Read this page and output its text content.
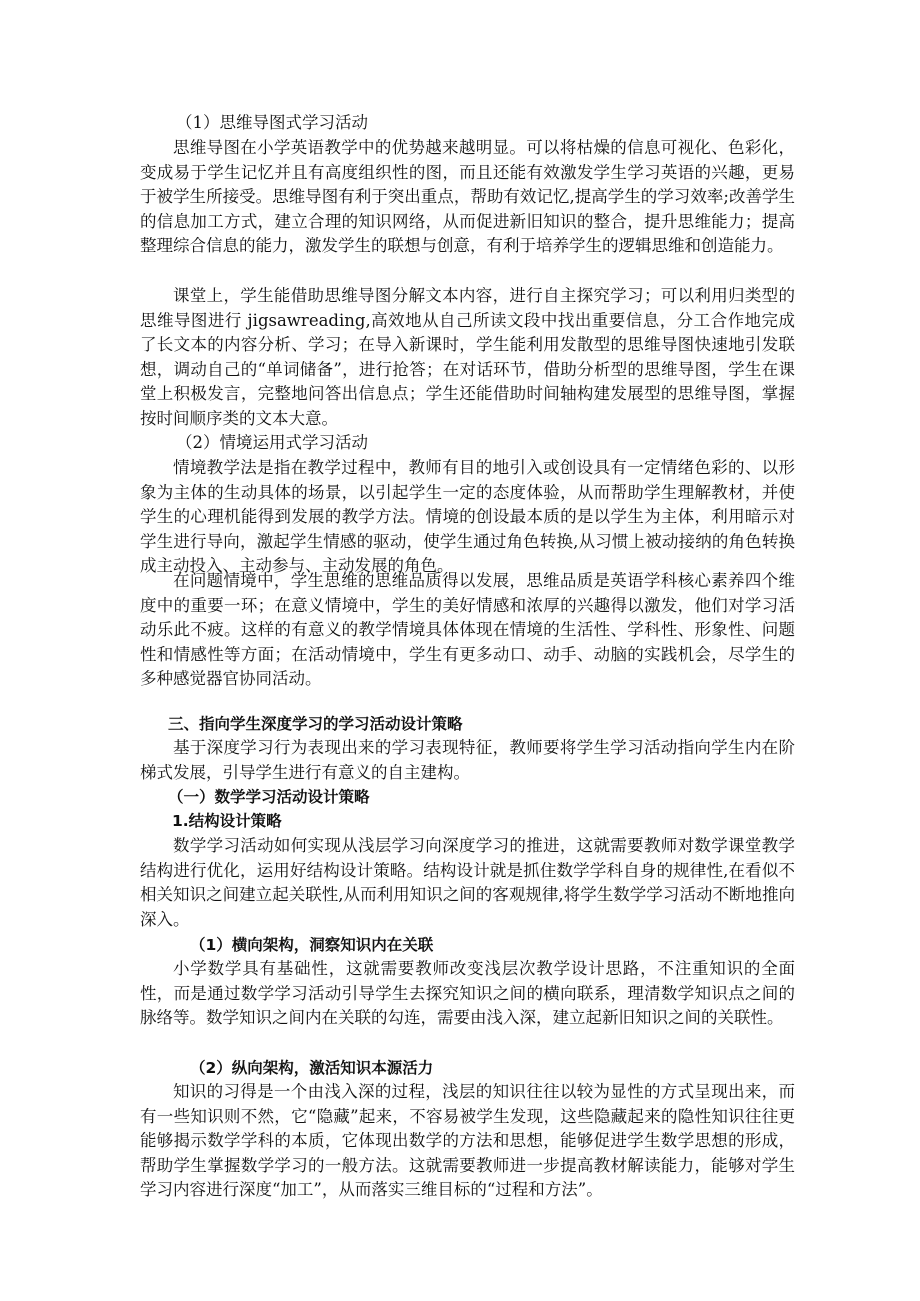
（1）思维导图式学习活动

思维导图在小学英语教学中的优势越来越明显。可以将枯燥的信息可视化、色彩化，变成易于学生记忆并且有高度组织性的图，而且还能有效激发学生学习英语的兴趣，更易于被学生所接受。思维导图有利于突出重点，帮助有效记忆,提高学生的学习效率;改善学生的信息加工方式，建立合理的知识网络，从而促进新旧知识的整合，提升思维能力；提高整理综合信息的能力，激发学生的联想与创意，有利于培养学生的逻辑思维和创造能力。

课堂上，学生能借助思维导图分解文本内容，进行自主探究学习；可以利用归类型的思维导图进行 jigsawreading,高效地从自己所读文段中找出重要信息，分工合作地完成了长文本的内容分析、学习；在导入新课时，学生能利用发散型的思维导图快速地引发联想，调动自己的“单词储备”，进行抢答；在对话环节，借助分析型的思维导图，学生在课堂上积极发言，完整地问答出信息点；学生还能借助时间轴构建发展型的思维导图，掌握按时间顺序类的文本大意。

（2）情境运用式学习活动

情境教学法是指在教学过程中，教师有目的地引入或创设具有一定情绪色彩的、以形象为主体的生动具体的场景，以引起学生一定的态度体验，从而帮助学生理解教材，并使学生的心理机能得到发展的教学方法。情境的创设最本质的是以学生为主体，利用暗示对学生进行导向，激起学生情感的驱动，使学生通过角色转换,从习惯上被动接纳的角色转换成主动投入、主动参与、主动发展的角色。

在问题情境中，学生思维的思维品质得以发展，思维品质是英语学科核心素养四个维度中的重要一环；在意义情境中，学生的美好情感和浓厚的兴趣得以激发，他们对学习活动乐此不疲。这样的有意义的教学情境具体体现在情境的生活性、学科性、形象性、问题性和情感性等方面；在活动情境中，学生有更多动口、动手、动脑的实践机会，尽学生的多种感觉器官协同活动。

三、指向学生深度学习的学习活动设计策略

基于深度学习行为表现出来的学习表现特征，教师要将学生学习活动指向学生内在阶梯式发展，引导学生进行有意义的自主建构。

（一）数学学习活动设计策略

1.结构设计策略

数学学习活动如何实现从浅层学习向深度学习的推进，这就需要教师对数学课堂教学结构进行优化，运用好结构设计策略。结构设计就是抓住数学学科自身的规律性,在看似不相关知识之间建立起关联性,从而利用知识之间的客观规律,将学生数学学习活动不断地推向深入。

（1）横向架构，洞察知识内在关联

小学数学具有基础性，这就需要教师改变浅层次教学设计思路，不注重知识的全面性，而是通过数学学习活动引导学生去探究知识之间的横向联系，理清数学知识点之间的脉络等。数学知识之间内在关联的勾连，需要由浅入深，建立起新旧知识之间的关联性。

（2）纵向架构，激活知识本源活力

知识的习得是一个由浅入深的过程，浅层的知识往往以较为显性的方式呈现出来，而有一些知识则不然，它“隐藏”起来，不容易被学生发现，这些隐藏起来的隐性知识往往更能够揭示数学学科的本质，它体现出数学的方法和思想，能够促进学生数学思想的形成，帮助学生掌握数学学习的一般方法。这就需要教师进一步提高教材解读能力，能够对学生学习内容进行深度“加工”，从而落实三维目标的“过程和方法”。
